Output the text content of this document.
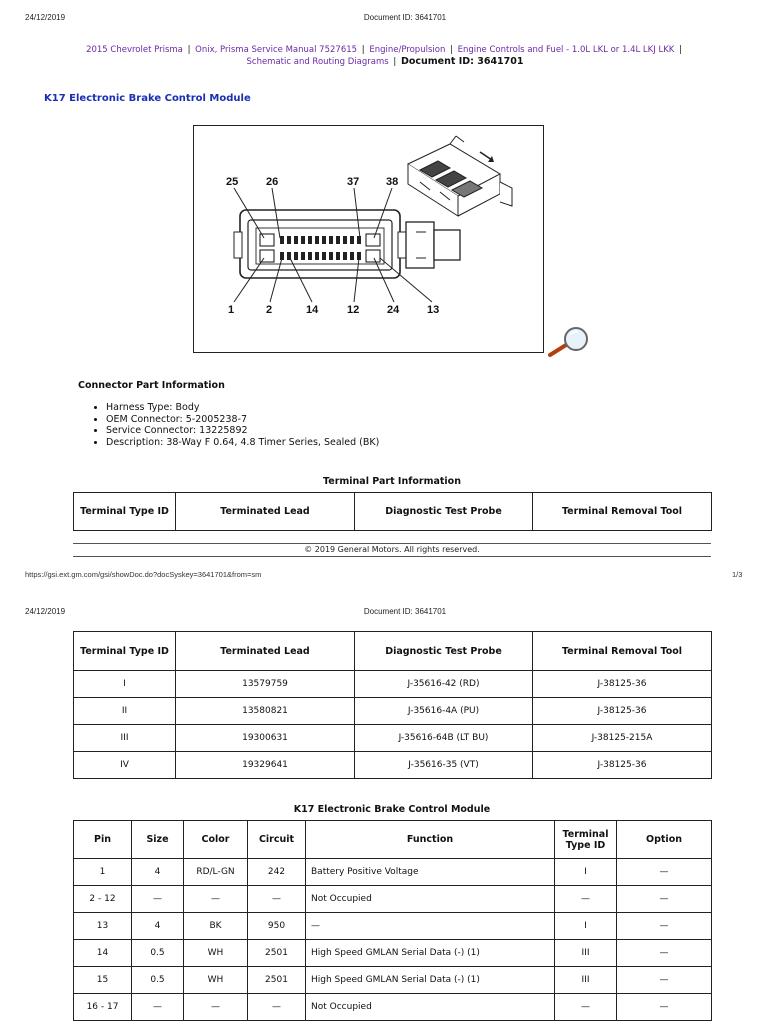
24/12/2019	Document ID: 3641701
2015 Chevrolet Prisma | Onix, Prisma Service Manual 7527615 | Engine/Propulsion | Engine Controls and Fuel - 1.0L LKL or 1.4L LKJ LKK |
Schematic and Routing Diagrams | Document ID: 3641701
K17 Electronic Brake Control Module
25	26	37 38
1	2	14	12	24	13
Connector Part Information
• Harness Type: Body
• OEM Connector: 5-2005238-7
• Service Connector: 13225892
• Description: 38-Way F 0.64, 4.8 Timer Series, Sealed (BK)
Terminal Part Information
Terminal Type ID	Terminated Lead	Diagnostic Test Probe	Terminal Removal Tool
© 2019 General Motors. All rights reserved.
https://gsi.ext.gm.com/gsi/showDoc.do?docSyskey=3641701&from=sm	1/3
24/12/2019	Document ID: 3641701
Terminal Type ID	Terminated Lead	Diagnostic Test Probe	Terminal Removal Tool
I	13579759	J-35616-42 (RD)	J-38125-36
II	13580821	J-35616-4A (PU)	J-38125-36
III	19300631	J-35616-64B (LT BU)	J-38125-215A
IV	19329641	J-35616-35 (VT)	J-38125-36
K17 Electronic Brake Control Module
Pin	Size	Color	Circuit	Function	Terminal Type ID	Option
1	4	RD/L-GN	242	Battery Positive Voltage	I	—
2 - 12	—	—	—	Not Occupied	—	—
13	4	BK	950	—	I	—
14	0.5	WH	2501	High Speed GMLAN Serial Data (-) (1)	III	—
15	0.5	WH	2501	High Speed GMLAN Serial Data (-) (1)	III	—
16 - 17	—	—	—	Not Occupied	—	—
